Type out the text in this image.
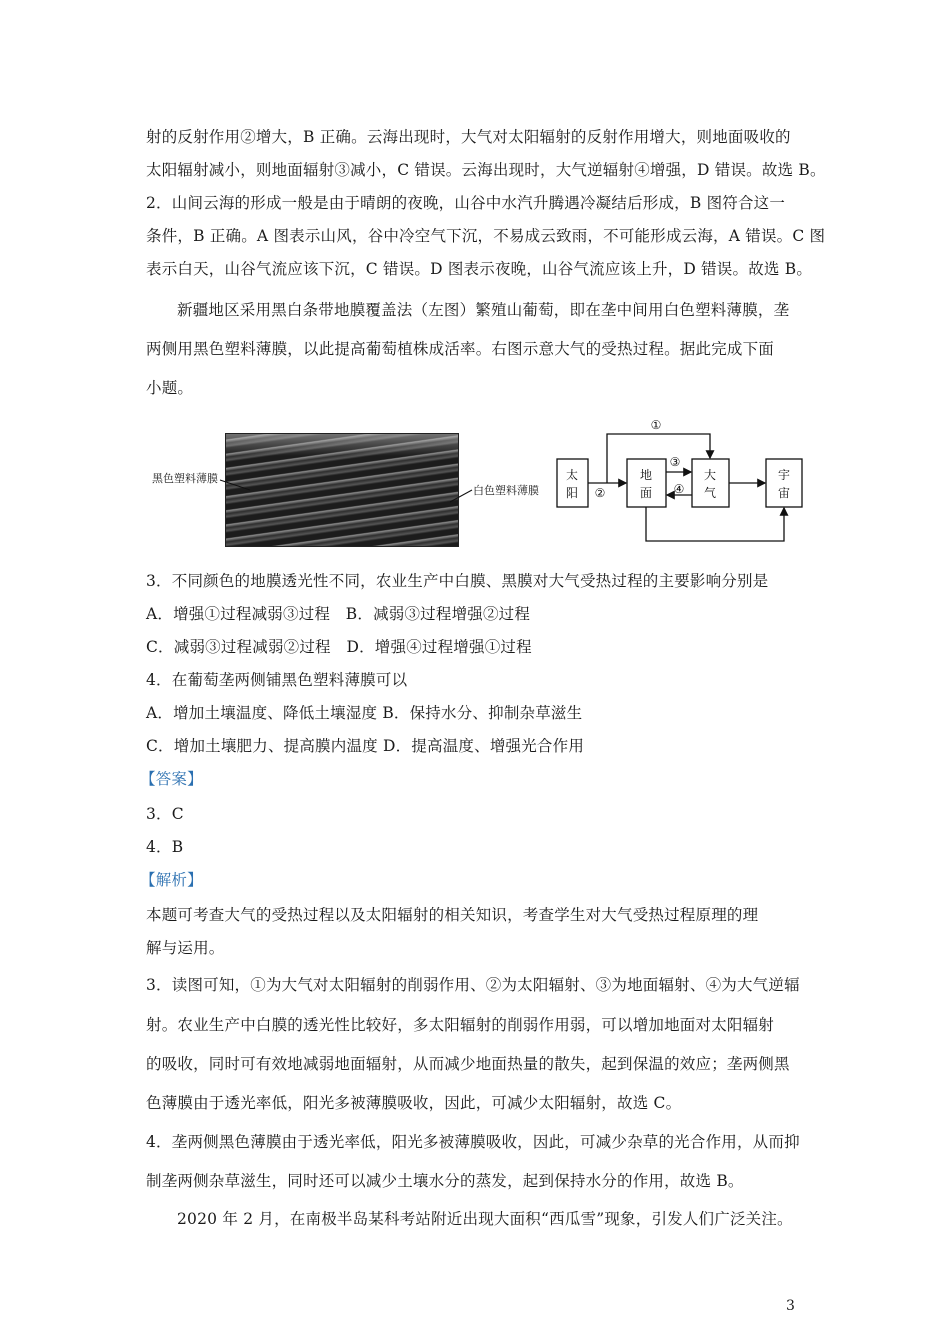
射的反射作用②增大，B 正确。云海出现时，大气对太阳辐射的反射作用增大，则地面吸收的
太阳辐射减小，则地面辐射③减小，C 错误。云海出现时，大气逆辐射④增强，D 错误。故选 B。
2．山间云海的形成一般是由于晴朗的夜晚，山谷中水汽升腾遇冷凝结后形成，B 图符合这一
条件，B 正确。A 图表示山风，谷中冷空气下沉，不易成云致雨，不可能形成云海，A 错误。C 图
表示白天，山谷气流应该下沉，C 错误。D 图表示夜晚，山谷气流应该上升，D 错误。故选 B。
新疆地区采用黑白条带地膜覆盖法（左图）繁殖山葡萄，即在垄中间用白色塑料薄膜，垄
两侧用黑色塑料薄膜，以此提高葡萄植株成活率。右图示意大气的受热过程。据此完成下面
小题。
黑色塑料薄膜
白色塑料薄膜
太
阳
地
面
大
气
宇
宙
①
②
③
④
3．不同颜色的地膜透光性不同，农业生产中白膜、黑膜对大气受热过程的主要影响分别是
A．增强①过程减弱③过程　B．减弱③过程增强②过程
C．减弱③过程减弱②过程　D．增强④过程增强①过程
4．在葡萄垄两侧铺黑色塑料薄膜可以
A．增加土壤温度、降低土壤湿度 B．保持水分、抑制杂草滋生
C．增加土壤肥力、提高膜内温度 D．提高温度、增强光合作用
【答案】
3．C
4．B
【解析】
本题可考查大气的受热过程以及太阳辐射的相关知识，考查学生对大气受热过程原理的理
解与运用。
3．读图可知，①为大气对太阳辐射的削弱作用、②为太阳辐射、③为地面辐射、④为大气逆辐
射。农业生产中白膜的透光性比较好，多太阳辐射的削弱作用弱，可以增加地面对太阳辐射
的吸收，同时可有效地减弱地面辐射，从而减少地面热量的散失，起到保温的效应；垄两侧黑
色薄膜由于透光率低，阳光多被薄膜吸收，因此，可减少太阳辐射，故选 C。
4．垄两侧黑色薄膜由于透光率低，阳光多被薄膜吸收，因此，可减少杂草的光合作用，从而抑
制垄两侧杂草滋生，同时还可以减少土壤水分的蒸发，起到保持水分的作用，故选 B。
2020 年 2 月，在南极半岛某科考站附近出现大面积“西瓜雪”现象，引发人们广泛关注。
3
